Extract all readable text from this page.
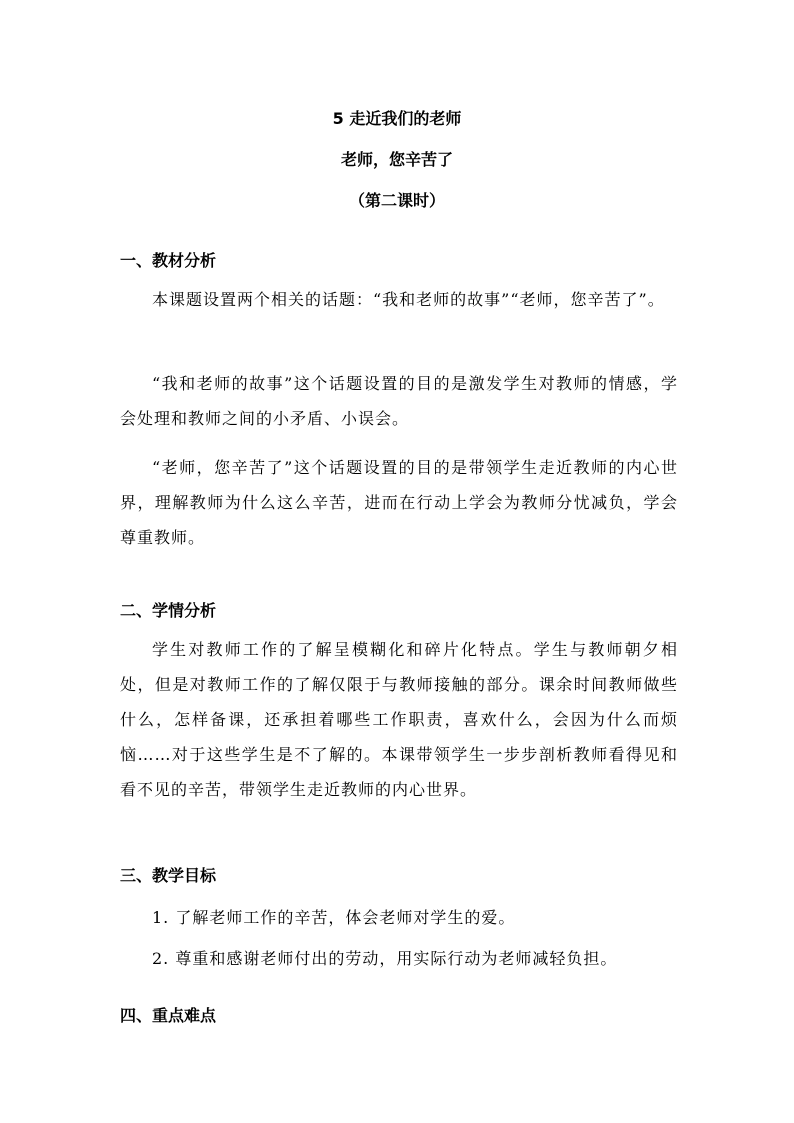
5 走近我们的老师
老师，您辛苦了
（第二课时）
一、教材分析
本课题设置两个相关的话题：“我和老师的故事”“老师，您辛苦了”。
“我和老师的故事”这个话题设置的目的是激发学生对教师的情感，学会处理和教师之间的小矛盾、小误会。
“老师，您辛苦了”这个话题设置的目的是带领学生走近教师的内心世界，理解教师为什么这么辛苦，进而在行动上学会为教师分忧减负，学会尊重教师。
二、学情分析
学生对教师工作的了解呈模糊化和碎片化特点。学生与教师朝夕相处，但是对教师工作的了解仅限于与教师接触的部分。课余时间教师做些什么，怎样备课，还承担着哪些工作职责，喜欢什么，会因为什么而烦恼……对于这些学生是不了解的。本课带领学生一步步剖析教师看得见和看不见的辛苦，带领学生走近教师的内心世界。
三、教学目标
1. 了解老师工作的辛苦，体会老师对学生的爱。
2. 尊重和感谢老师付出的劳动，用实际行动为老师减轻负担。
四、重点难点
